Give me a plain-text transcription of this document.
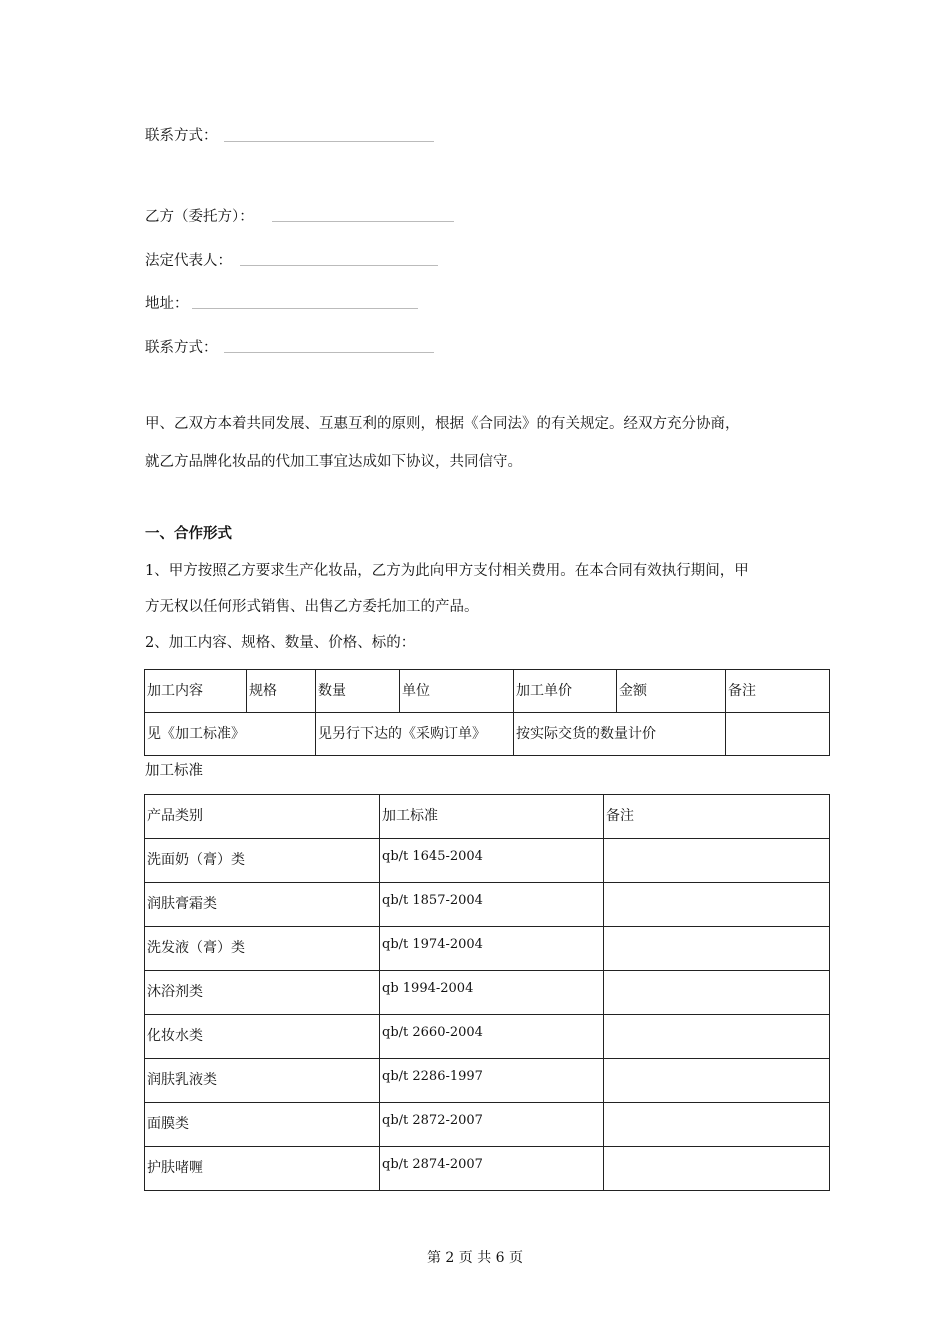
联系方式：
乙方（委托方）：
法定代表人：
地址：
联系方式：
甲、乙双方本着共同发展、互惠互利的原则，根据《合同法》的有关规定。经双方充分协商，
就乙方品牌化妆品的代加工事宜达成如下协议，共同信守。
一、合作形式
1、甲方按照乙方要求生产化妆品，乙方为此向甲方支付相关费用。在本合同有效执行期间，甲
方无权以任何形式销售、出售乙方委托加工的产品。
2、加工内容、规格、数量、价格、标的：
加工内容	规格	数量	单位	加工单价	金额	备注
见《加工标准》		见另行下达的《采购订单》		按实际交货的数量计价		
加工标准
产品类别	加工标准	备注
洗面奶（膏）类	qb/t 1645-2004	
润肤膏霜类	qb/t 1857-2004	
洗发液（膏）类	qb/t 1974-2004	
沐浴剂类	qb 1994-2004	
化妆水类	qb/t 2660-2004	
润肤乳液类	qb/t 2286-1997	
面膜类	qb/t 2872-2007	
护肤啫喱	qb/t 2874-2007	
第 2 页 共 6 页
